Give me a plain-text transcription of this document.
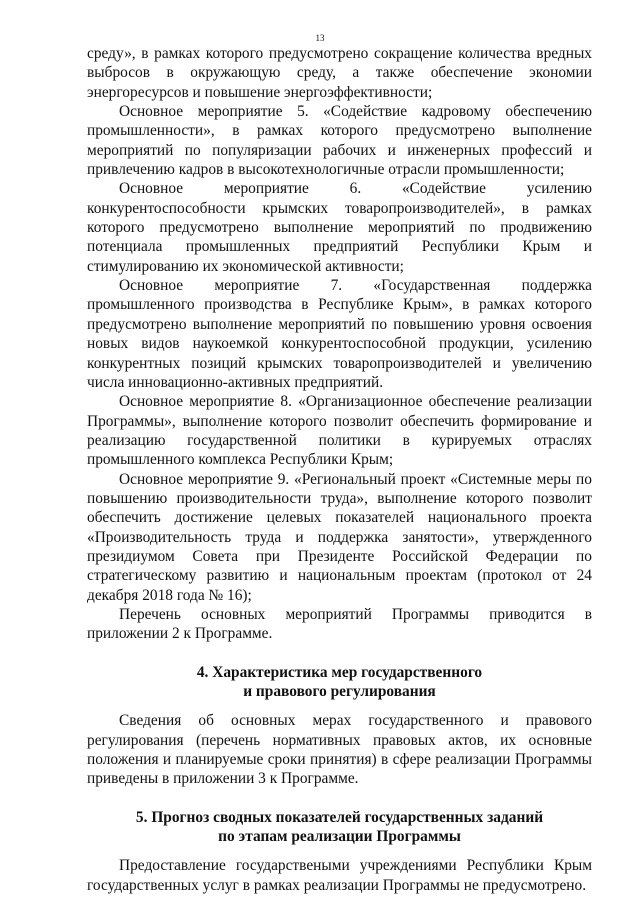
13

среду», в рамках которого предусмотрено сокращение количества вредных выбросов в окружающую среду, а также обеспечение экономии энергоресурсов и повышение энергоэффективности;

Основное мероприятие 5. «Содействие кадровому обеспечению промышленности», в рамках которого предусмотрено выполнение мероприятий по популяризации рабочих и инженерных профессий и привлечению кадров в высокотехнологичные отрасли промышленности;

Основное мероприятие 6. «Содействие усилению конкурентоспособности крымских товаропроизводителей», в рамках которого предусмотрено выполнение мероприятий по продвижению потенциала промышленных предприятий Республики Крым и стимулированию их экономической активности;

Основное мероприятие 7. «Государственная поддержка промышленного производства в Республике Крым», в рамках которого предусмотрено выполнение мероприятий по повышению уровня освоения новых видов наукоемкой конкурентоспособной продукции, усилению конкурентных позиций крымских товаропроизводителей и увеличению числа инновационно-активных предприятий.

Основное мероприятие 8. «Организационное обеспечение реализации Программы», выполнение которого позволит обеспечить формирование и реализацию государственной политики в курируемых отраслях промышленного комплекса Республики Крым;

Основное мероприятие 9. «Региональный проект «Системные меры по повышению производительности труда», выполнение которого позволит обеспечить достижение целевых показателей национального проекта «Производительность труда и поддержка занятости», утвержденного президиумом Совета при Президенте Российской Федерации по стратегическому развитию и национальным проектам (протокол от 24 декабря 2018 года № 16);

Перечень основных мероприятий Программы приводится в приложении 2 к Программе.

4. Характеристика мер государственного
и правового регулирования

Сведения об основных мерах государственного и правового регулирования (перечень нормативных правовых актов, их основные положения и планируемые сроки принятия) в сфере реализации Программы приведены в приложении 3 к Программе.

5. Прогноз сводных показателей государственных заданий
по этапам реализации Программы

Предоставление государствеными учреждениями Республики Крым государственных услуг в рамках реализации Программы не предусмотрено.
